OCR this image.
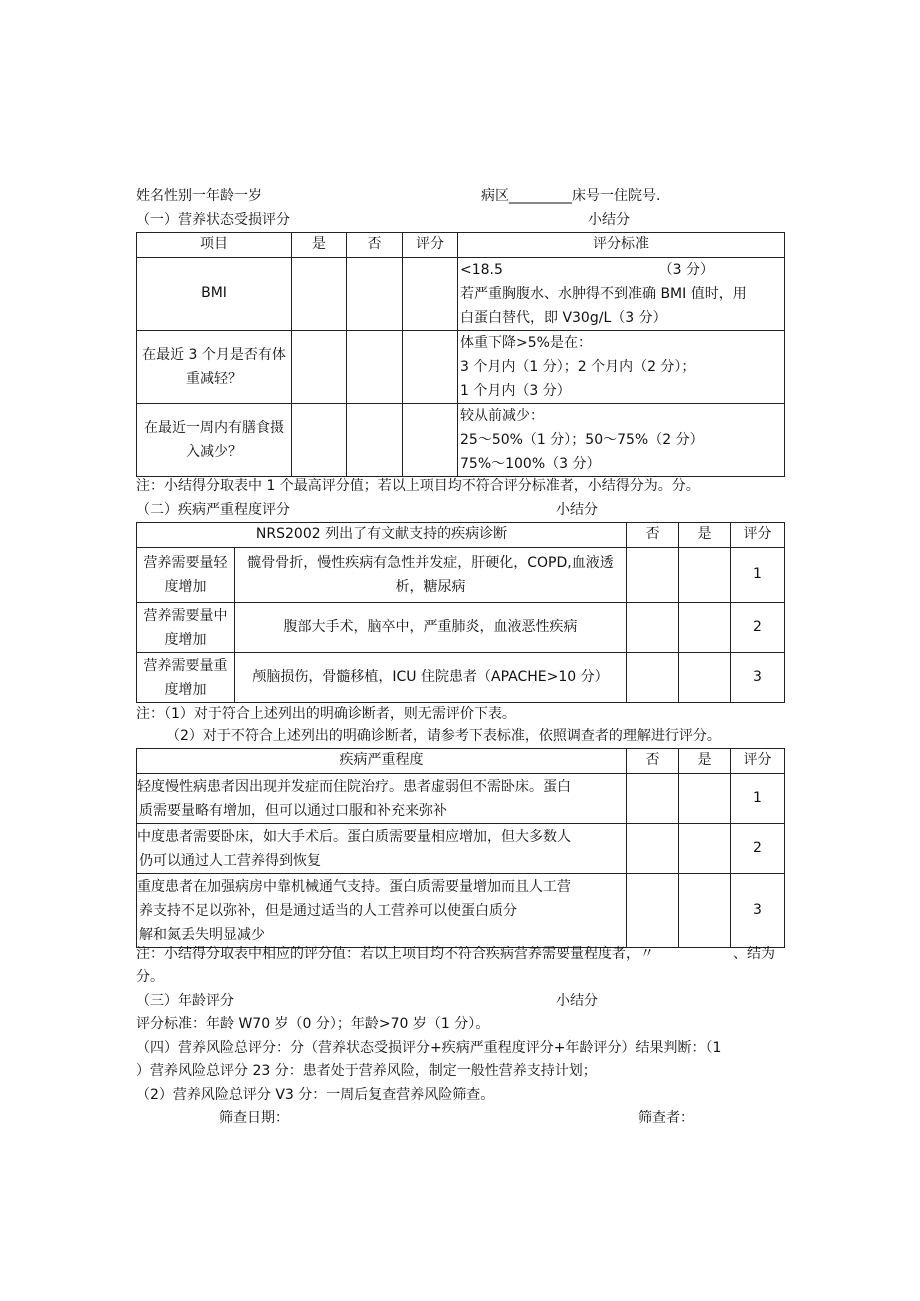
姓名性别一年龄一岁	病区_________床号一住院号.
（一）营养状态受损评分	小结分
项目	是	否	评分	评分标准
BMI				<18.5                                   （3 分）
若严重胸腹水、水肿得不到准确 BMI 值时，用
白蛋白替代，即 V30g∕L（3 分）

在最近 3 个月是否有体重减轻？				体重下降>5%是在：
3 个月内（1 分）；2 个月内（2 分）；
1 个月内（3 分）

在最近一周内有膳食摄入减少？				较从前减少：
25～50%（1 分）；50～75%（2 分）
75%～100%（3 分）
注：小结得分取表中 1 个最高评分值；若以上项目均不符合评分标准者，小结得分为。分。
（二）疾病严重程度评分	小结分
NRS2002 列出了有文献支持的疾病诊断		否	是	评分
营养需要量轻度增加	髋骨骨折，慢性疾病有急性并发症，肝硬化，COPD,血液透析，糖尿病			1
营养需要量中度增加	腹部大手术，脑卒中，严重肺炎，血液恶性疾病			2
营养需要量重度增加	颅脑损伤，骨髓移植，ICU 住院患者（APACHE>10 分）			3
注：（1）对于符合上述列出的明确诊断者，则无需评价下表。
（2）对于不符合上述列出的明确诊断者，请参考下表标准，依照调查者的理解进行评分。
疾病严重程度	否	是	评分

轻度慢性病患者因出现并发症而住院治疗。患者虚弱但不需卧床。蛋白
质需要量略有增加，但可以通过口服和补充来弥补			1

中度患者需要卧床，如大手术后。蛋白质需要量相应增加，但大多数人
仍可以通过人工营养得到恢复			2

重度患者在加强病房中靠机械通气支持。蛋白质需要量增加而且人工营
养支持不足以弥补，但是通过适当的人工营养可以使蛋白质分
解和氮丢失明显减少			3
注：小结得分取表中相应的评分值：若以上项目均不符合疾病营养需要量程度者，〃	、结为
分。
（三）年龄评分	小结分
评分标准：年龄 W70 岁（0 分）；年龄>70 岁（1 分）。
（四）营养风险总评分：分（营养状态受损评分+疾病严重程度评分+年龄评分）结果判断：（1
）营养风险总评分 23 分：患者处于营养风险，制定一般性营养支持计划；
（2）营养风险总评分 V3 分：一周后复查营养风险筛查。
筛查日期：	筛查者：
